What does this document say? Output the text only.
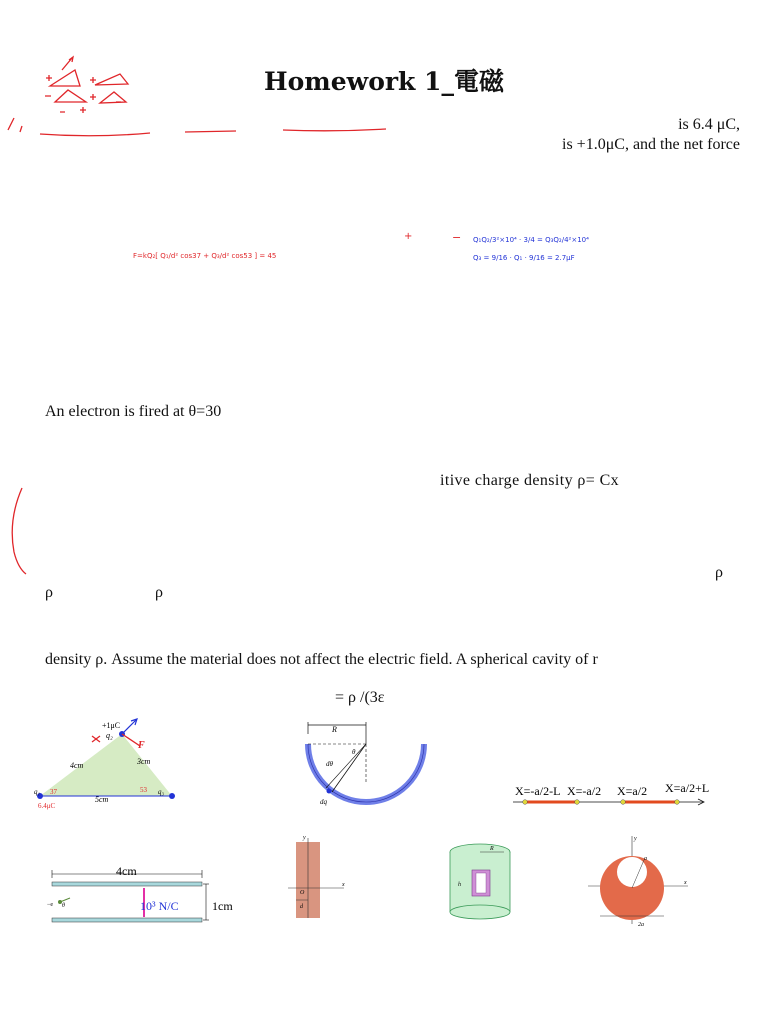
Homework 1_電磁
is 6.4 μC,
is +1.0μC, and the net force
F=kQ₂[ Q₁/d² cos37 + Q₃/d² cos53 ] = 45
+	− Q₁Q₂/3²×10⁴ · 3/4 = Q₃Q₂/4²×10⁴
Q₃ = 9/16 · Q₁ · 9/16 = 2.7μF
An electron is fired at θ=30
itive charge density ρ= Cx
ρ
ρ	ρ
density ρ. Assume the material does not affect the electric field. A spherical cavity of r
= ρ /(3ε
+1μC
q₂
F
4cm	3cm
5cm
37	53
q₁	q₃
6.4μC
R
θ
dθ
dq
X=-a/2-L X=-a/2 X=a/2 X=a/2+L
4cm
10³ N/C	1cm
−e θ
y
x
O
d
R
h
y
x
a
2a
